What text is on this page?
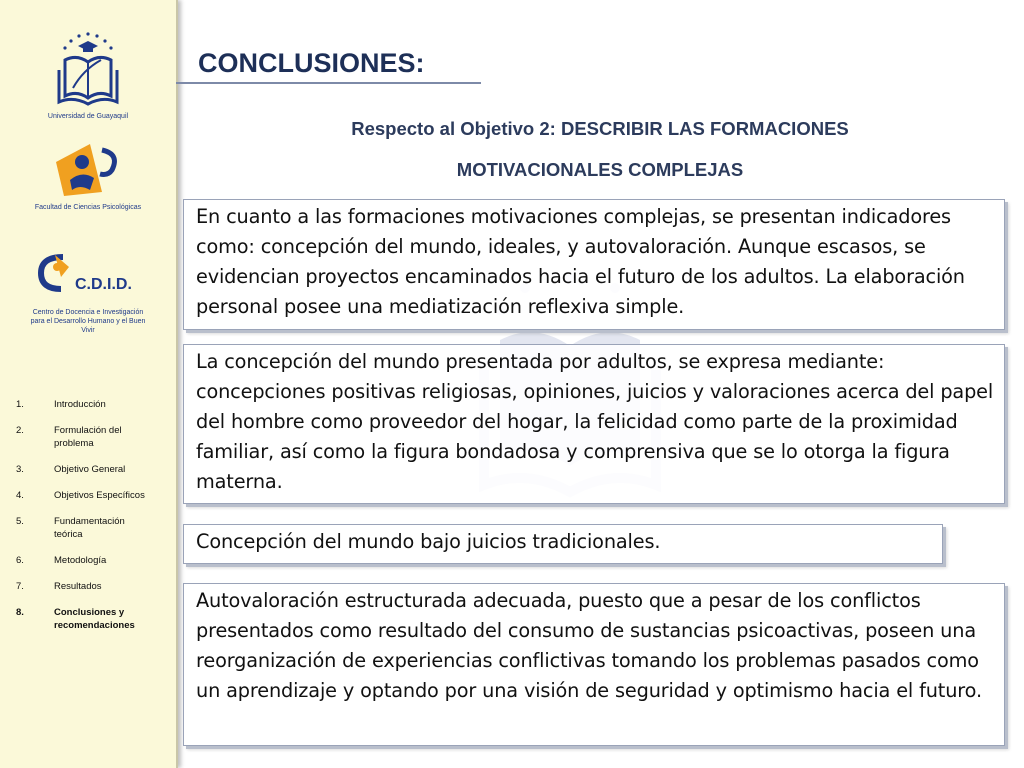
Universidad de Guayaquil
Facultad de Ciencias Psicológicas
C.D.I.D.
Centro de Docencia e Investigación para el Desarrollo Humano y el Buen Vivir
1.	Introducción
2.	Formulación del problema
3.	Objetivo General
4.	Objetivos Específicos
5.	Fundamentación teórica
6.	Metodología
7.	Resultados
8.	Conclusiones y recomendaciones
CONCLUSIONES:
Respecto al Objetivo 2: DESCRIBIR LAS FORMACIONES
MOTIVACIONALES COMPLEJAS
En cuanto a las formaciones motivaciones complejas, se presentan indicadores como: concepción del mundo, ideales, y autovaloración. Aunque escasos, se evidencian proyectos encaminados hacia el futuro de los adultos. La elaboración personal posee una mediatización reflexiva simple.
La concepción del mundo presentada por adultos, se expresa mediante: concepciones positivas religiosas, opiniones, juicios y valoraciones acerca del papel del hombre como proveedor del hogar, la felicidad como parte de la proximidad familiar, así como la figura bondadosa y comprensiva que se lo otorga la figura materna.
Concepción del mundo bajo juicios tradicionales.
Autovaloración estructurada adecuada, puesto que a pesar de los conflictos presentados como resultado del consumo de sustancias psicoactivas, poseen una reorganización de experiencias conflictivas tomando los problemas pasados como un aprendizaje y optando por una visión de seguridad y optimismo hacia el futuro.
